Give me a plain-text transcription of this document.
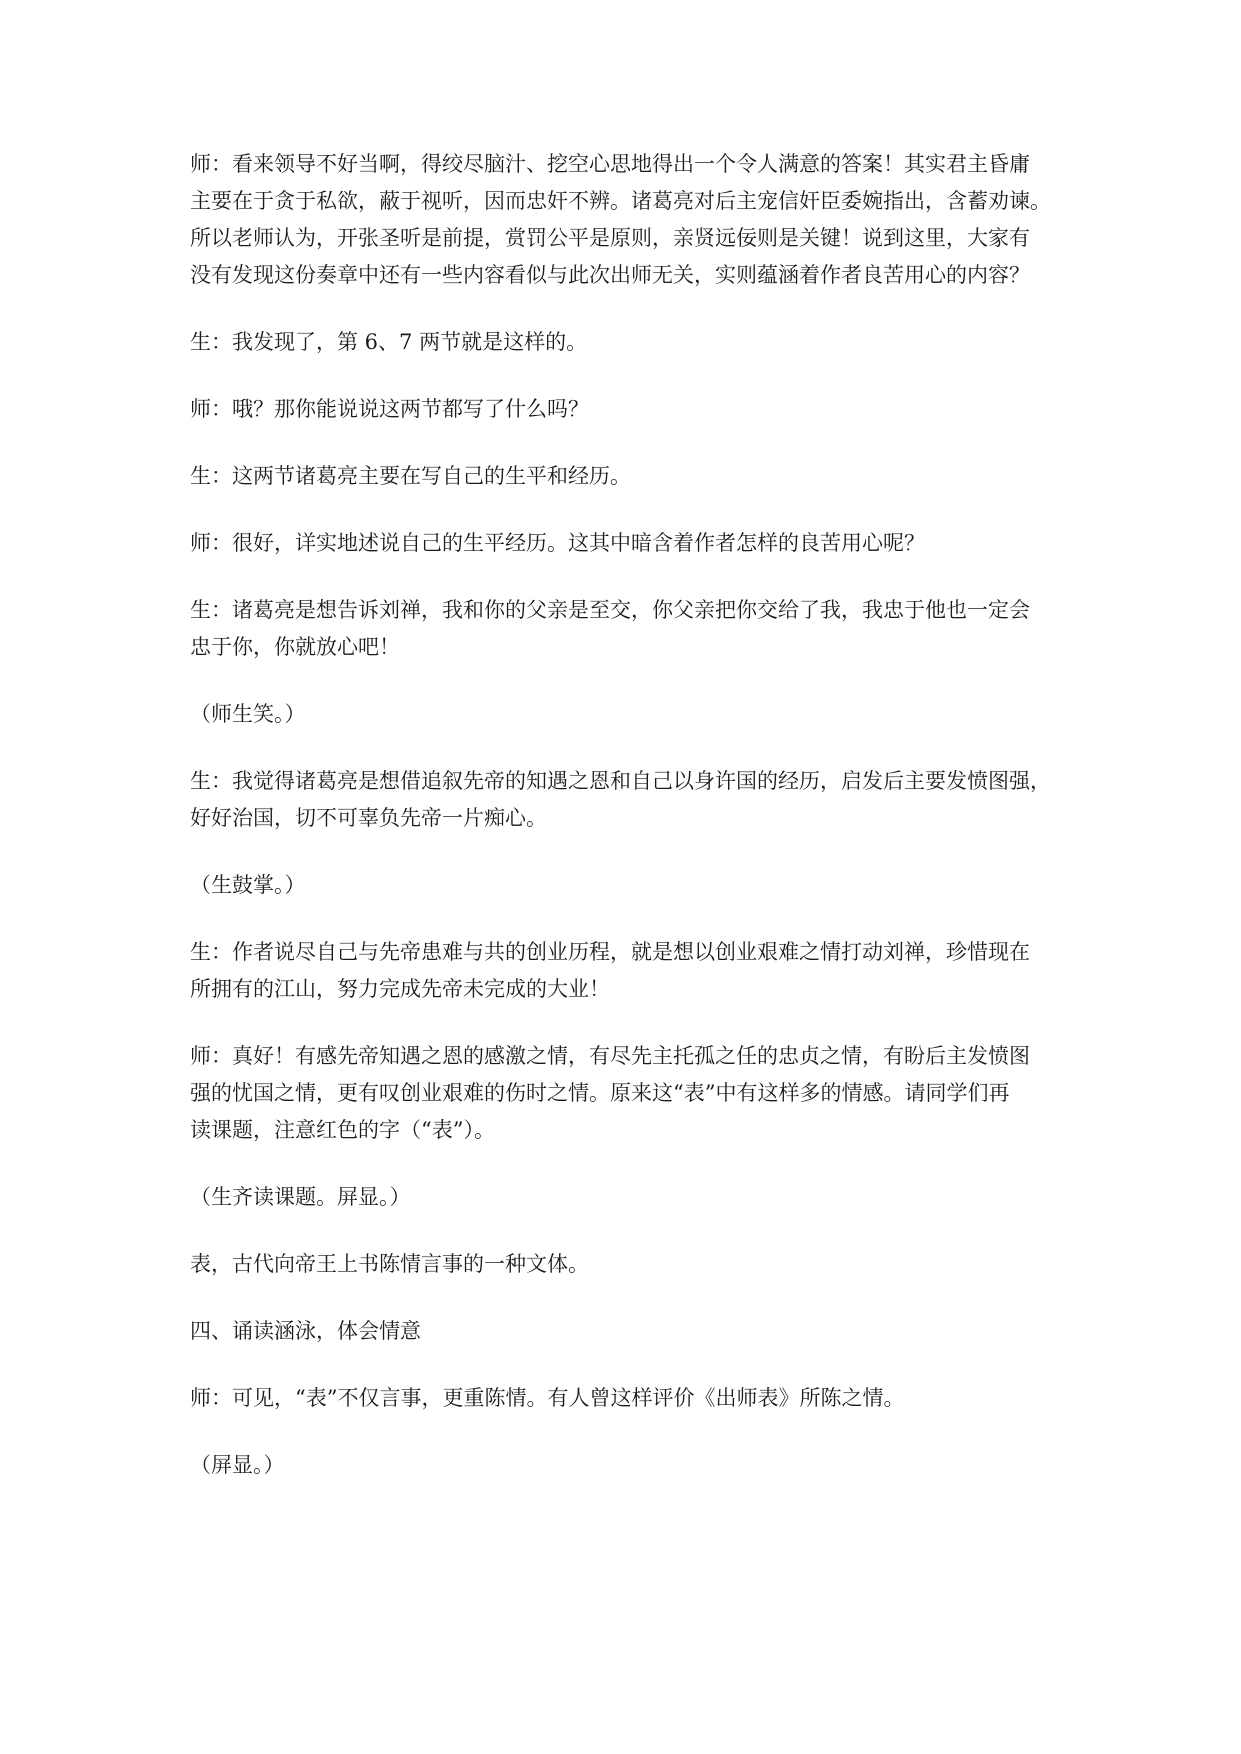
师：看来领导不好当啊，得绞尽脑汁、挖空心思地得出一个令人满意的答案！其实君主昏庸
主要在于贪于私欲，蔽于视听，因而忠奸不辨。诸葛亮对后主宠信奸臣委婉指出，含蓄劝谏。
所以老师认为，开张圣听是前提，赏罚公平是原则，亲贤远佞则是关键！说到这里，大家有
没有发现这份奏章中还有一些内容看似与此次出师无关，实则蕴涵着作者良苦用心的内容？

生：我发现了，第 6、7 两节就是这样的。

师：哦？那你能说说这两节都写了什么吗？

生：这两节诸葛亮主要在写自己的生平和经历。

师：很好，详实地述说自己的生平经历。这其中暗含着作者怎样的良苦用心呢？

生：诸葛亮是想告诉刘禅，我和你的父亲是至交，你父亲把你交给了我，我忠于他也一定会
忠于你，你就放心吧！

（师生笑。）

生：我觉得诸葛亮是想借追叙先帝的知遇之恩和自己以身许国的经历，启发后主要发愤图强，
好好治国，切不可辜负先帝一片痴心。

（生鼓掌。）

生：作者说尽自己与先帝患难与共的创业历程，就是想以创业艰难之情打动刘禅，珍惜现在
所拥有的江山，努力完成先帝未完成的大业！

师：真好！有感先帝知遇之恩的感激之情，有尽先主托孤之任的忠贞之情，有盼后主发愤图
强的忧国之情，更有叹创业艰难的伤时之情。原来这“表”中有这样多的情感。请同学们再
读课题，注意红色的字（“表”）。

（生齐读课题。屏显。）

表，古代向帝王上书陈情言事的一种文体。

四、诵读涵泳，体会情意

师：可见，“表”不仅言事，更重陈情。有人曾这样评价《出师表》所陈之情。

（屏显。）
